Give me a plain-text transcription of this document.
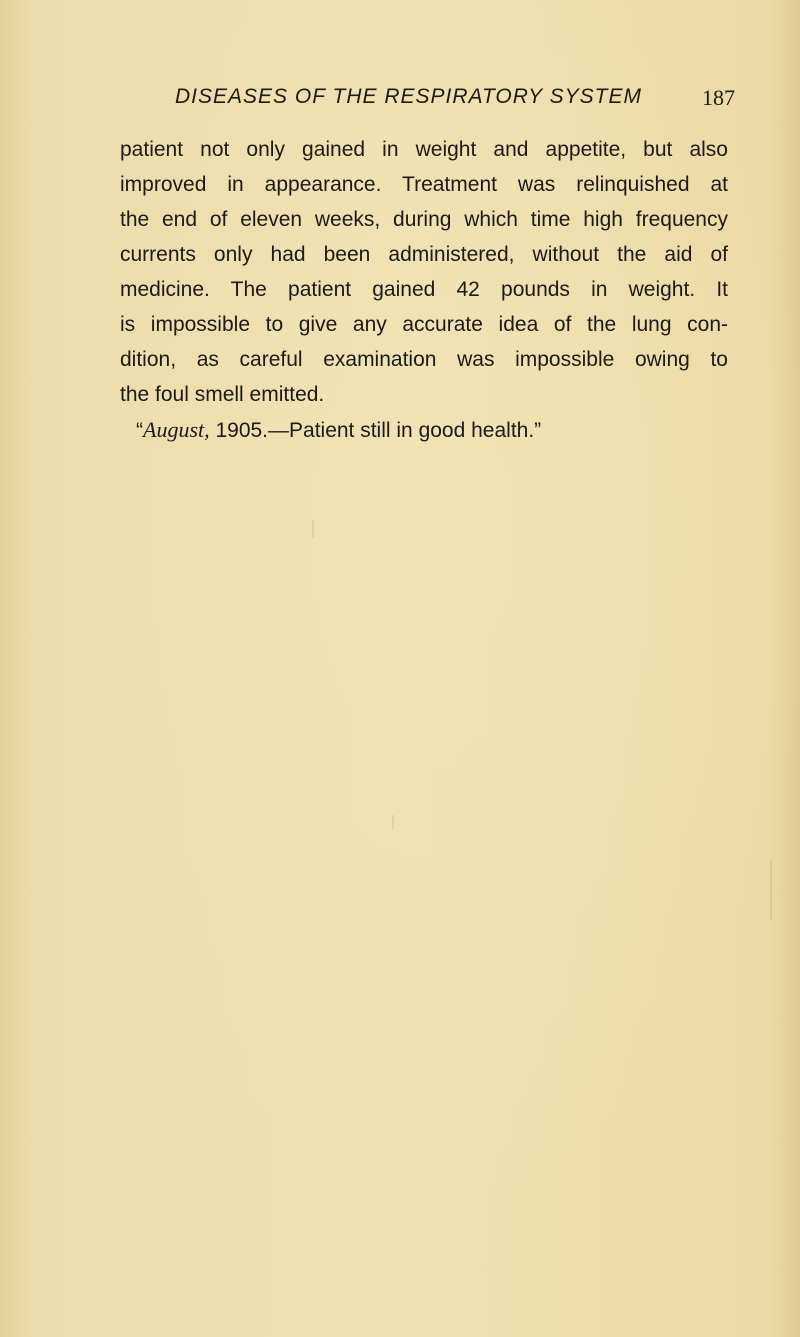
DISEASES OF THE RESPIRATORY SYSTEM	187
patient not only gained in weight and appetite, but also
improved in appearance. Treatment was relinquished at
the end of eleven weeks, during which time high frequency
currents only had been administered, without the aid of
medicine. The patient gained 42 pounds in weight. It
is impossible to give any accurate idea of the lung con-
dition, as careful examination was impossible owing to
the foul smell emitted.
“August, 1905.—Patient still in good health.”
